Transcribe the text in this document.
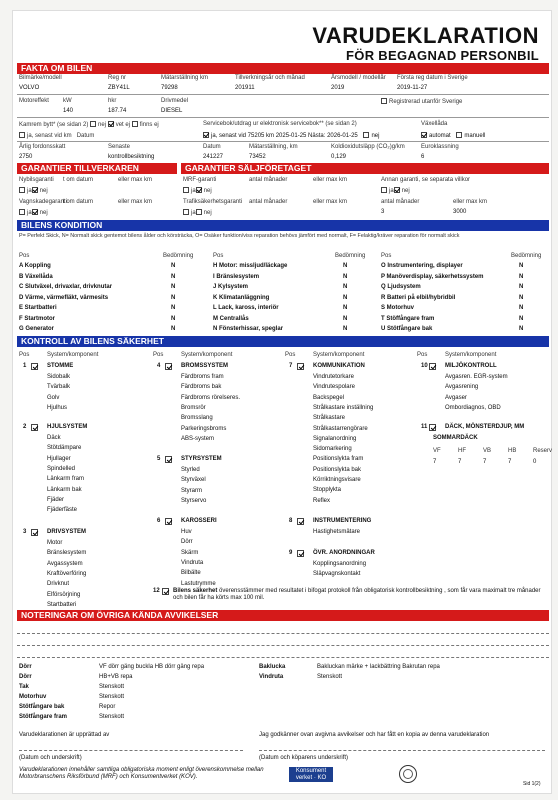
VARUDEKLARATION
FÖR BEGAGNAD PERSONBIL
FAKTA OM BILEN
Bilmärke/modell
VOLVO
Reg nr
ZBY41L
Mätarställning km
79298
Tillverkningsår och månad
201911
Årsmodell / modellår
2019
Första reg datum i Sverige
2019-11-27
Motoreffekt kW
140
hkr
187.74
Drivmedel
DIESEL
Registrerad utanför Sverige
Kamrem bytt* (se sidan 2) nej vet ej finns ej
ja, senast vid km Datum
Servicebok/utdrag ur elektronisk servicebok** (se sidan 2)
ja, senast vid 75205 km 2025-01-25 Nästa: 2026-01-25 nej
Växellåda
automat manuell
Årlig fordonsskatt
2750
Senaste
kontrollbesiktning
Datum
241227
Mätarställning, km
73452
Koldioxidutsläpp (CO₂)g/km
0,129
Euroklassning
6
GARANTIER TILLVERKAREN	GARANTIER SÄLJFÖRETAGET
Nybilsgaranti t om datum	eller max km
ja nej
Vagnskadegaranti
t om datum	eller max km
ja nej
MRF-garanti	antal månader	eller max km
ja nej
Annan garanti, se separata villkor
ja nej
Trafiksäkerhetsgaranti antal månader	eller max km	antal månader	eller max km
ja nej	3	3000
BILENS KONDITION
P= Perfekt Skick, N= Normalt skick gentemot bilens ålder och körsträcka, O= Osäker funktion/viss reparation behövs jämfört med normalt, F= Felaktig/kräver reparation för normalt skick
Pos	Bedömning
A Koppling	N
B Växellåda	N
C Slutväxel, drivaxlar, drivknutar	N
D Värme, värmefläkt, värmesits	N
E Startbatteri	N
F Startmotor	N
G Generator	N
Pos	Bedömning
H Motor: missljud/läckage	N
I Bränslesystem	N
J Kylsystem	N
K Klimatanläggning	N
L Lack, kaross, interiör	N
M Centrallås	N
N Fönsterhissar, speglar	N
Pos	Bedömning
O Instrumentering, displayer	N
P Manöverdisplay, säkerhetssystem	N
Q Ljudsystem	N
R Batteri på elbil/hybridbil	N
S Motorhuv	N
T Stöffångare fram	N
U Stötfångare bak	N
KONTROLL AV BILENS SÄKERHET
Pos	System/komponent	Pos	System/komponent	Pos	System/komponent	Pos	System/komponent
1	STOMME
Sidobalk
Tvärbalk
Golv
Hjulhus
2	HJULSYSTEM
Däck
Stötdämpare
Hjullager
Spindelled
Länkarm fram
Länkarm bak
Fjäder
Fjäderfäste
3	DRIVSYSTEM
Motor
Bränslesystem
Avgassystem
Kraftöverföring
Drivknut
Elförsörjning
Startbatteri
4	BROMSSYSTEM
Färdbroms fram
Färdbroms bak
Färdbroms rörelseres.
Bromsrör
Bromsslang
Parkeringsbroms
ABS-system
5	STYRSYSTEM
Styrled
Styrväxel
Styrarm
Styrservo
6	KAROSSERI
Huv
Dörr
Skärm
Vindruta
Bilbälte
Lastutrymme
7	KOMMUNIKATION
Vindrutetorkare
Vindrutespolare
Backspegel
Strålkastare inställning
Strålkastare
Strålkastarrengörare
Signalanordning
Sidomarkering
Positionslykta fram
Positionslykta bak
Körriktningsvisare
Stopplykta
Reflex
8	INSTRUMENTERING
Hastighetsmätare
9	ÖVR. ANORDNINGAR
Kopplingsanordning
Släpvagnskontakt
10	MILJÖKONTROLL
Avgasren. EGR-system
Avgasrening
Avgaser
Ombordiagnos, OBD
11	DÄCK, MÖNSTERDJUP, MM
SOMMARDÄCK
VF
7
HF
7
VB
7
HB
7
Reserv
0
12 Bilens säkerhet överensstämmer med resultatet i bifogat protokoll från obligatorisk kontrollbesiktning , som får vara maximalt tre månader och bilen får ha körts max 100 mil.
NOTERINGAR OM ÖVRIGA KÄNDA AVVIKELSER
Dörr	VF dörr gäng buckla HB dörr gäng repa
Dörr	HB+VB repa
Tak	Stenskott
Motorhuv	Stenskott
Stötfångare bak	Repor
Stötfångare fram	Stenskott
Baklucka	Bakluckan märke + lackbättring Bakrutan repa
Vindruta	Stenskott
Varudeklarationen är upprättad av	Jag godkänner ovan avgivna avvikelser och har fått en kopia av denna varudeklaration
(Datum och underskrift)	(Datum och köparens underskrift)
Varudeklarationen innehåller samtliga obligatoriska moment enligt överenskommelse mellan Motorbranschens Riksförbund (MRF) och Konsumentverket (KOV).
Konsument
verket · KO
Sid 1(2)
